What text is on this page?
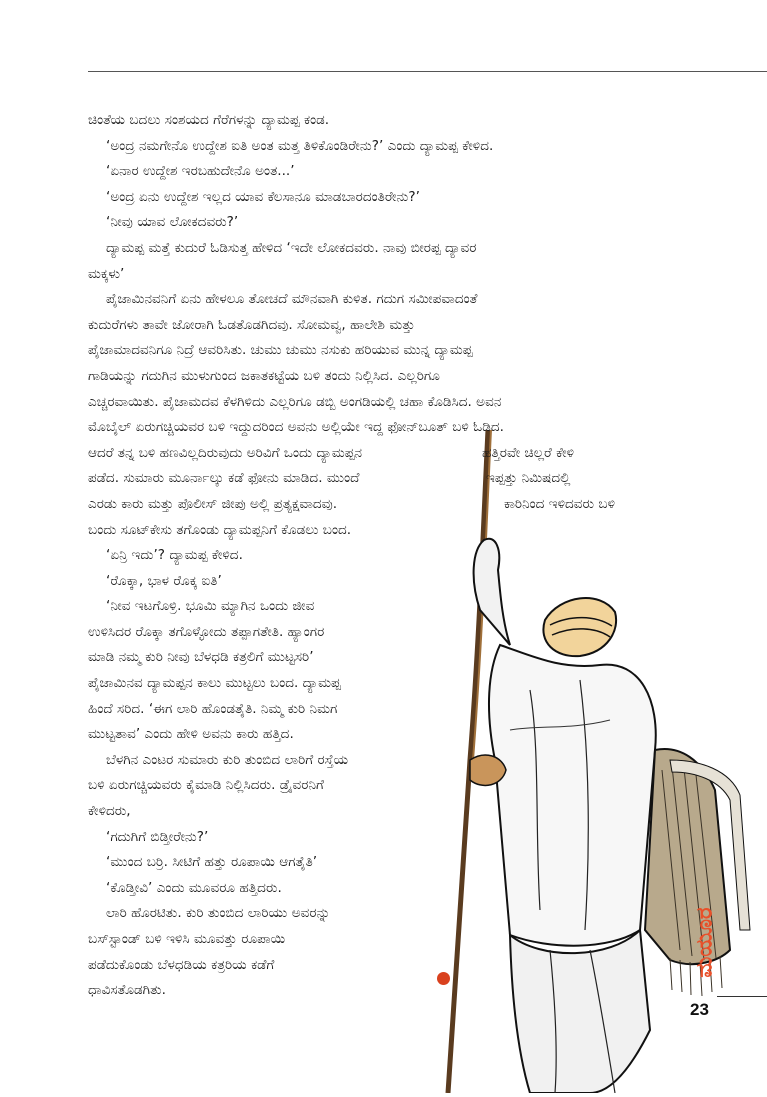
ಚಿಂತೆಯ ಬದಲು ಸಂಶಯದ ಗೆರೆಗಳನ್ನು ದ್ಯಾಮಪ್ಪ ಕಂಡ.
‘ಅಂದ್ರ ನಮಗೇನೊ ಉದ್ದೇಶ ಐತಿ ಅಂತ ಮತ್ತ ತಿಳಿಕೊಂಡಿರೇನು?’ ಎಂದು ದ್ಯಾಮಪ್ಪ ಕೇಳಿದ.
‘ಏನಾರ ಉದ್ದೇಶ ಇರಬಹುದೇನೊ ಅಂತ...’
‘ಅಂದ್ರ ಏನು ಉದ್ದೇಶ ಇಲ್ಲದ ಯಾವ ಕೆಲಸಾನೂ ಮಾಡಬಾರದಂತಿರೇನು?’
‘ನೀವು ಯಾವ ಲೋಕದವರು?’
ದ್ಯಾಮಪ್ಪ ಮತ್ತೆ ಕುದುರೆ ಓಡಿಸುತ್ತ ಹೇಳಿದ ‘ಇದೇ ಲೋಕದವರು. ನಾವು ಬೀರಪ್ಪ ದ್ಯಾವರ
ಮಕ್ಕಳು’
ಪೈಜಾಮಿನವನಿಗೆ ಏನು ಹೇಳಲೂ ತೋಚದೆ ಮೌನವಾಗಿ ಕುಳಿತ. ಗದುಗ ಸಮೀಪವಾದಂತೆ
ಕುದುರೆಗಳು ತಾವೇ ಜೋರಾಗಿ ಓಡತೊಡಗಿದವು. ಸೋಮವ್ವ, ಹಾಲೇಶಿ ಮತ್ತು
ಪೈಜಾಮಾದವನಿಗೂ ನಿದ್ರೆ ಆವರಿಸಿತು. ಚುಮು ಚುಮು ನಸುಕು ಹರಿಯುವ ಮುನ್ನ ದ್ಯಾಮಪ್ಪ
ಗಾಡಿಯನ್ನು ಗದುಗಿನ ಮುಳುಗುಂದ ಜಕಾತಕಟ್ಟೆಯ ಬಳಿ ತಂದು ನಿಲ್ಲಿಸಿದ. ಎಲ್ಲರಿಗೂ
ಎಚ್ಚರವಾಯಿತು. ಪೈಜಾಮದವ ಕೆಳಗಿಳಿದು ಎಲ್ಲರಿಗೂ ಡಬ್ಬಿ ಅಂಗಡಿಯಲ್ಲಿ ಚಹಾ ಕೊಡಿಸಿದ. ಅವನ
ಮೊಬೈಲ್ ಏರುಗಚ್ಚಿಯವರ ಬಳಿ ಇದ್ದುದರಿಂದ ಅವನು ಅಲ್ಲಿಯೇ ಇದ್ದ ಫೋನ್‌ಬೂತ್ ಬಳಿ ಓಡಿದ.
ಆದರೆ ತನ್ನ ಬಳಿ ಹಣವಿಲ್ಲದಿರುವುದು ಅರಿವಿಗೆ ಒಂದು ದ್ಯಾಮಪ್ಪನ	ಹತ್ತಿರವೇ ಚಿಲ್ಲರೆ ಕೇಳಿ
ಪಡೆದ. ಸುಮಾರು ಮೂರ್ನಾಲ್ಕು ಕಡೆ ಫೋನು ಮಾಡಿದ. ಮುಂದೆ	ಇಪ್ಪತ್ತು ನಿಮಿಷದಲ್ಲಿ
ಎರಡು ಕಾರು ಮತ್ತು ಪೊಲೀಸ್ ಜೀಪು ಅಲ್ಲಿ ಪ್ರತ್ಯಕ್ಷವಾದವು.	ಕಾರಿನಿಂದ ಇಳಿದವರು ಬಳಿ
ಬಂದು ಸೂಟ್‌ಕೇಸು ತಗೊಂಡು ದ್ಯಾಮಪ್ಪನಿಗೆ ಕೊಡಲು ಬಂದ.
‘ಏನ್ರಿ ಇದು’? ದ್ಯಾಮಪ್ಪ ಕೇಳಿದ.
‘ರೊಕ್ಕಾ, ಭಾಳ ರೊಕ್ಕ ಐತಿ’
‘ನೀವ ಇಟಗೊಳ್ರಿ. ಭೂಮಿ ಮ್ಯಾಗಿನ ಒಂದು ಜೀವ
ಉಳಿಸಿದರ ರೊಕ್ಕಾ ತಗೊಳ್ಳೋದು ತಪ್ಪಾಗತೇತಿ. ಹ್ಯಾಂಗರ
ಮಾಡಿ ನಮ್ಮ ಕುರಿ ನೀವು ಬೆಳಧಡಿ ಕತ್ರಲಿಗೆ ಮುಟ್ಟಸರಿ’
ಪೈಜಾಮಿನವ ದ್ಯಾಮಪ್ಪನ ಕಾಲು ಮುಟ್ಟಲು ಬಂದ. ದ್ಯಾಮಪ್ಪ
ಹಿಂದೆ ಸರಿದ. ‘ಈಗ ಲಾರಿ ಹೊಂಡತೈತಿ. ನಿಮ್ಮ ಕುರಿ ನಿಮಗ
ಮುಟ್ಟತಾವ’ ಎಂದು ಹೇಳಿ ಅವನು ಕಾರು ಹತ್ತಿದ.
ಬೆಳಗಿನ ಎಂಟರ ಸುಮಾರು ಕುರಿ ತುಂಬಿದ ಲಾರಿಗೆ ರಸ್ತೆಯ
ಬಳಿ ಏರುಗಚ್ಚಿಯವರು ಕೈಮಾಡಿ ನಿಲ್ಲಿಸಿದರು. ಡ್ರೈವರನಿಗೆ
ಕೇಳಿದರು,
‘ಗದುಗಿಗೆ ಬಿಡ್ತೀರೇನು?’
‘ಮುಂದ ಬರ್ರಿ. ಸೀಟಿಗೆ ಹತ್ತು ರೂಪಾಯಿ ಆಗತೈತಿ’
‘ಕೊಡ್ತೀವಿ’ ಎಂದು ಮೂವರೂ ಹತ್ತಿದರು.
ಲಾರಿ ಹೊರಟಿತು. ಕುರಿ ತುಂಬಿದ ಲಾರಿಯು ಅವರನ್ನು
ಬಸ್‌ಸ್ಟಾಂಡ್ ಬಳಿ ಇಳಿಸಿ ಮೂವತ್ತು ರೂಪಾಯಿ
ಪಡೆದುಕೊಂಡು ಬೆಳಧಡಿಯ ಕತ್ರರಿಯ ಕಡೆಗೆ
ಧಾವಿಸತೊಡಗಿತು.
ಮಯೂರ
23
